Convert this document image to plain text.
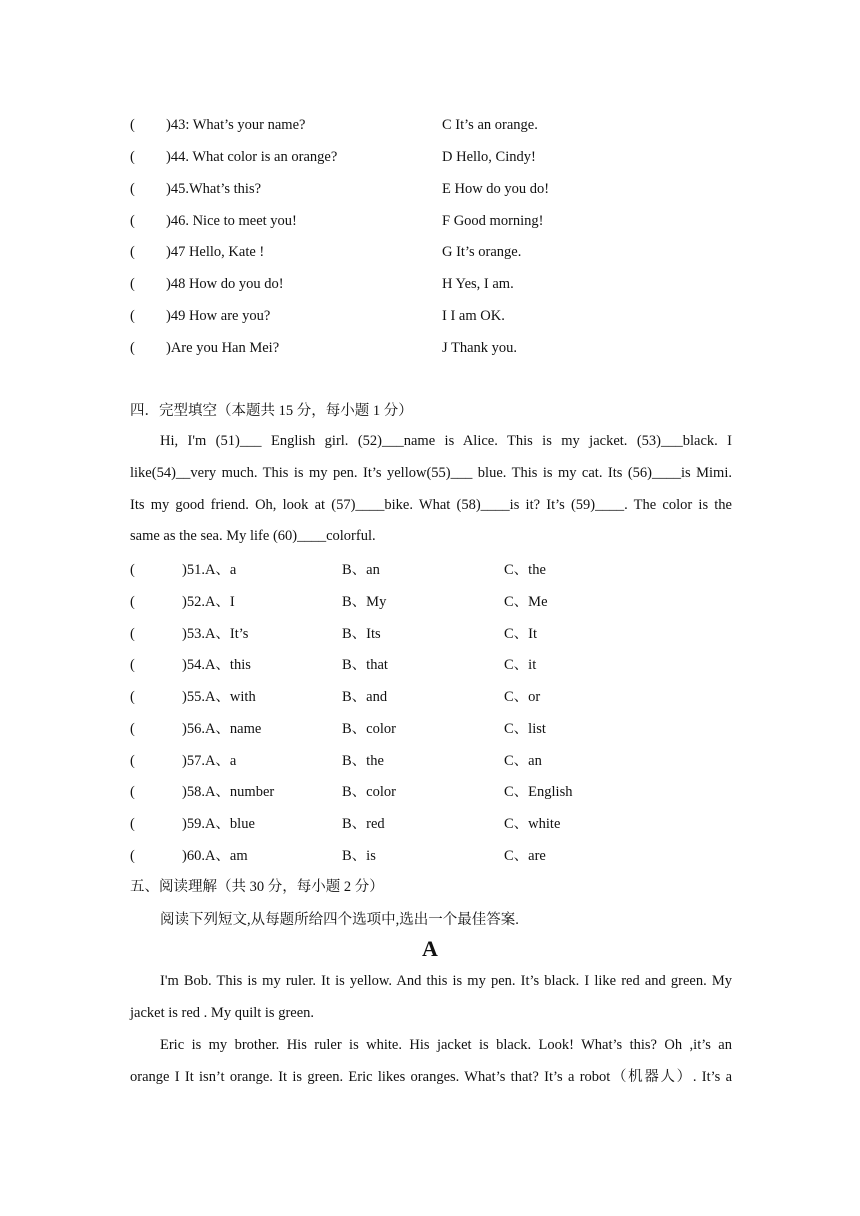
( )43: What’s your name?	C It’s an orange.
( )44. What color is an orange?	D Hello, Cindy!
( )45.What’s this?	E How do you do!
( )46. Nice to meet you!	F Good morning!
( )47 Hello, Kate !	G It’s orange.
( )48 How do you do!	H Yes, I am.
( )49 How are you?	I I am OK.
( )Are you Han Mei?	J Thank you.
四．完型填空（本题共 15 分，每小题 1 分）
Hi, I'm (51)___ English girl. (52)___name is Alice. This is my jacket. (53)___black. I
like(54)__very much. This is my pen. It’s yellow(55)___ blue. This is my cat. Its (56)____is Mimi.
Its my good friend. Oh, look at (57)____bike. What (58)____is it? It’s (59)____. The color is the
same as the sea. My life (60)____colorful.
(	)51.A、a	B、an	C、the
(	)52.A、I	B、My	C、Me
(	)53.A、It’s	B、Its	C、It
(	)54.A、this	B、that	C、it
(	)55.A、with	B、and	C、or
(	)56.A、name	B、color	C、list
(	)57.A、a	B、the	C、an
(	)58.A、number	B、color	C、English
(	)59.A、blue	B、red	C、white
(	)60.A、am	B、is	C、are
五、阅读理解（共 30 分，每小题 2 分）
阅读下列短文,从每题所给四个选项中,选出一个最佳答案.
A
I'm Bob. This is my ruler. It is yellow. And this is my pen. It’s black. I like red and green. My
jacket is red . My quilt is green.
Eric is my brother. His ruler is white. His jacket is black. Look! What’s this? Oh ,it’s an
orange I It isn’t orange. It is green. Eric likes oranges. What’s that? It’s a robot（机器人）. It’s a
